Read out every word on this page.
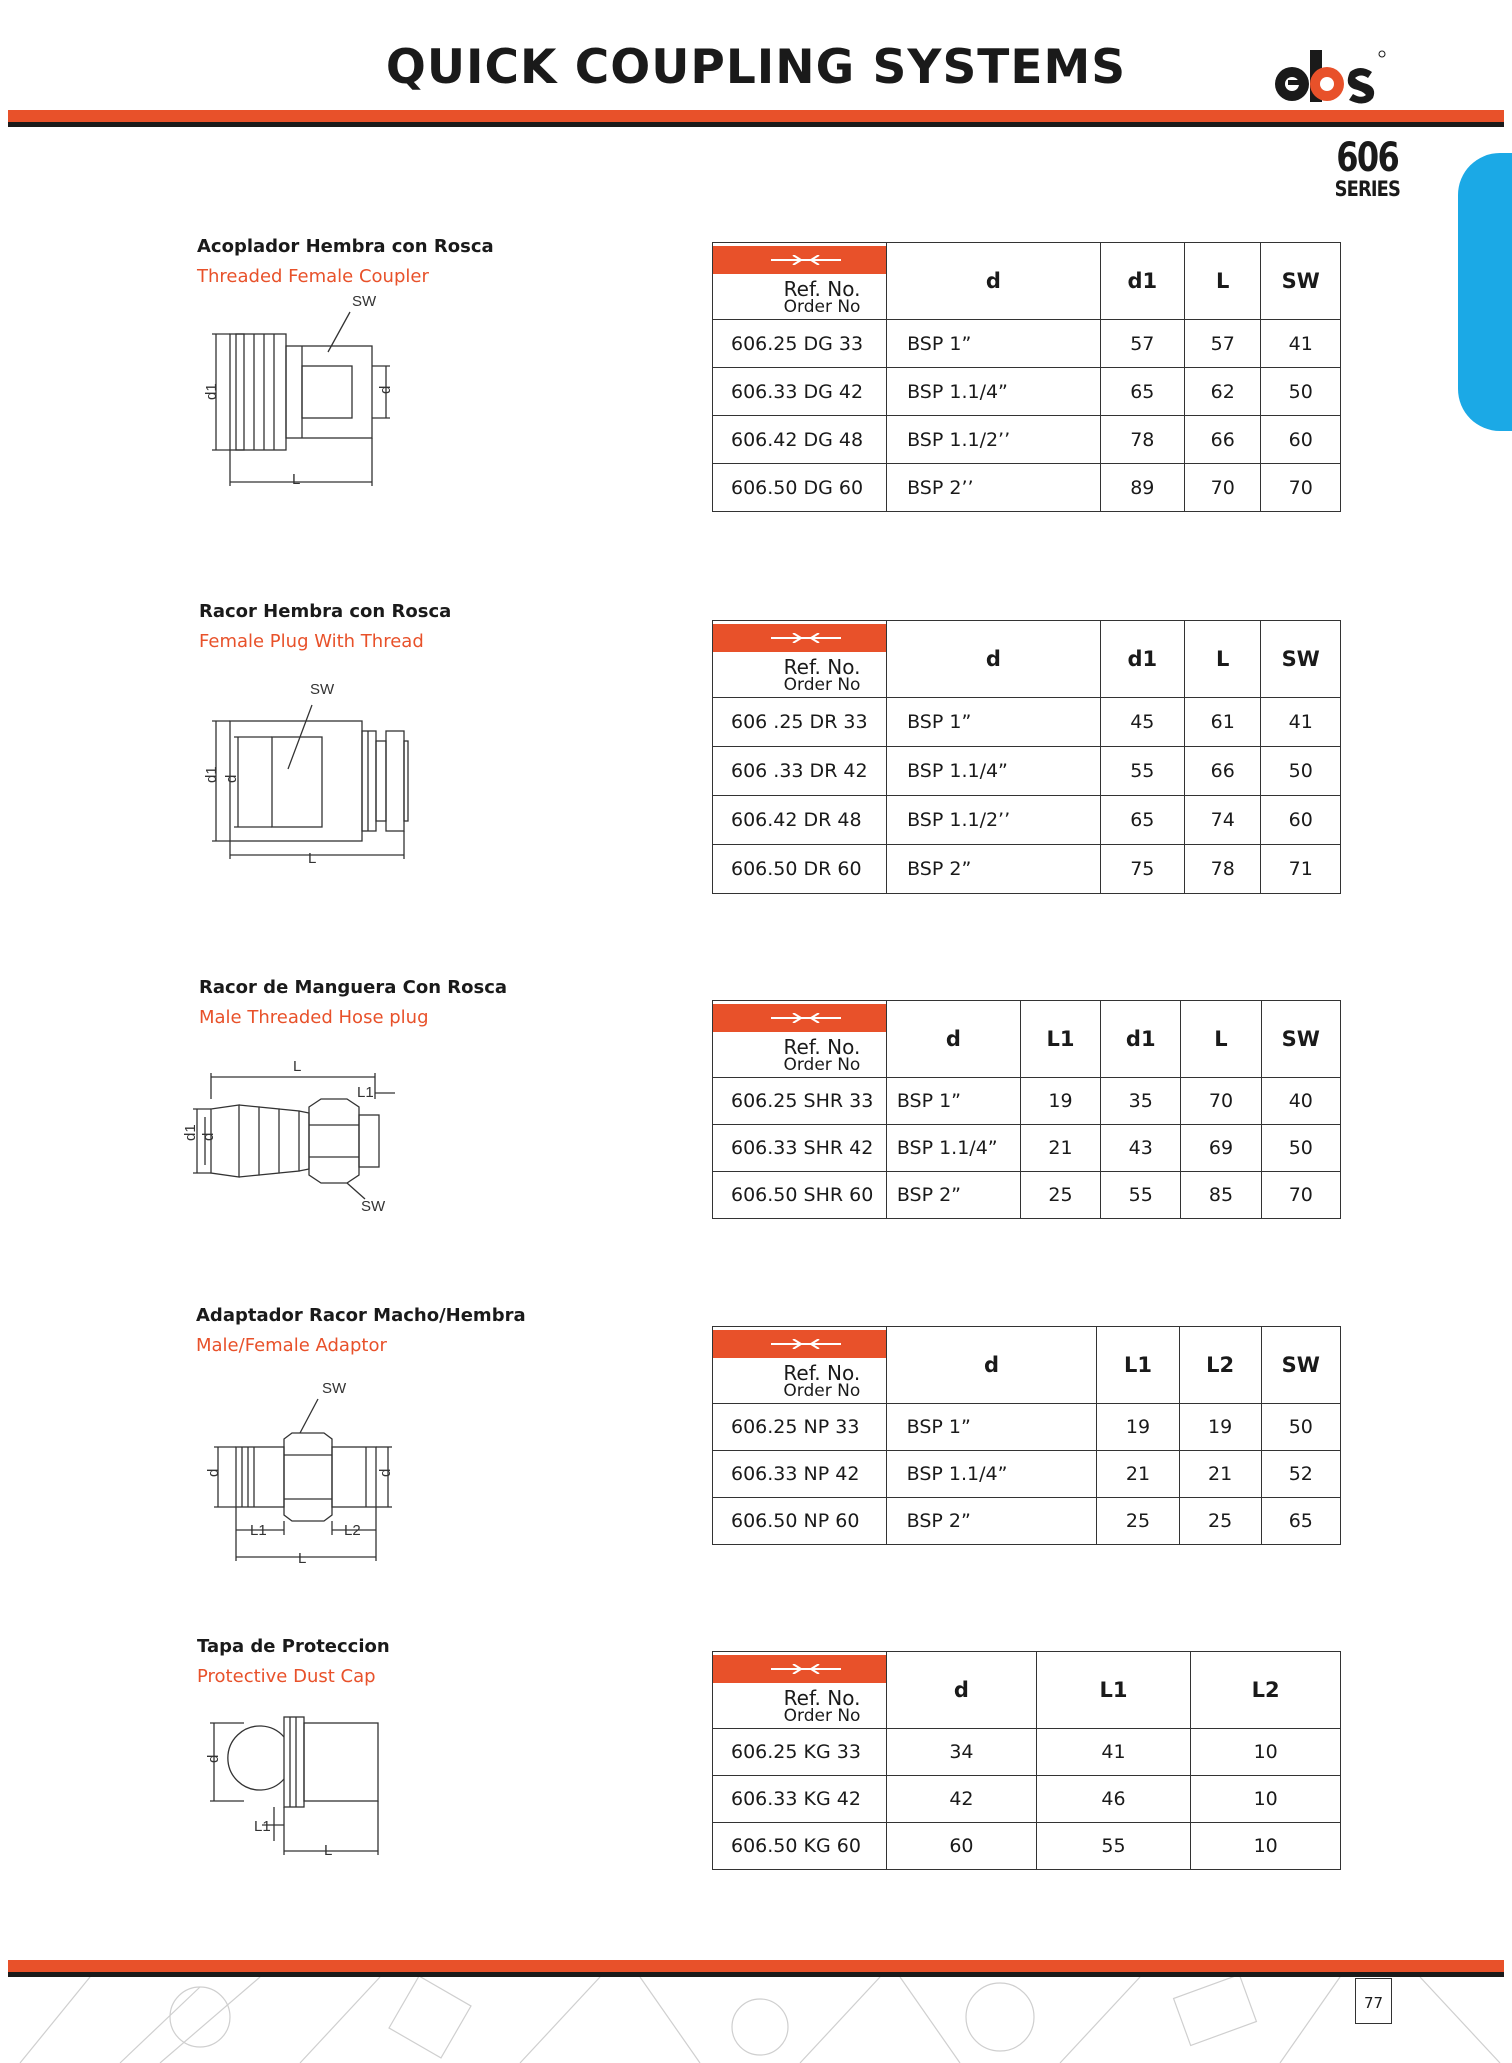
QUICK COUPLING SYSTEMS
606
SERIES
Acoplador Hembra con Rosca
Threaded Female Coupler
SW
d1	d
L
Ref. No.
Order No	d	d1	L	SW
606.25 DG 33	BSP 1”	57	57	41
606.33 DG 42	BSP 1.1/4”	65	62	50
606.42 DG 48	BSP 1.1/2’’	78	66	60
606.50 DG 60	BSP 2’’	89	70	70
Racor Hembra con Rosca
Female Plug With Thread
SW
d1 d
L
Ref. No.
Order No	d	d1	L	SW
606 .25 DR 33	BSP 1”	45	61	41
606 .33 DR 42	BSP 1.1/4”	55	66	50
606.42 DR 48	BSP 1.1/2’’	65	74	60
606.50 DR 60	BSP 2”	75	78	71
Racor de Manguera Con Rosca
Male Threaded Hose plug
L
L1
d1 d
SW
Ref. No.
Order No	d	L1	d1	L	SW
606.25 SHR 33	BSP 1”	19	35	70	40
606.33 SHR 42	BSP 1.1/4”	21	43	69	50
606.50 SHR 60	BSP 2”	25	55	85	70
Adaptador Racor Macho/Hembra
Male/Female Adaptor
SW
d	d
L1	L2
L
Ref. No.
Order No	d	L1	L2	SW
606.25 NP 33	BSP 1”	19	19	50
606.33 NP 42	BSP 1.1/4”	21	21	52
606.50 NP 60	BSP 2”	25	25	65
Tapa de Proteccion
Protective Dust Cap
d
L1
L
Ref. No.
Order No	d	L1	L2
606.25 KG 33	34	41	10
606.33 KG 42	42	46	10
606.50 KG 60	60	55	10
77
